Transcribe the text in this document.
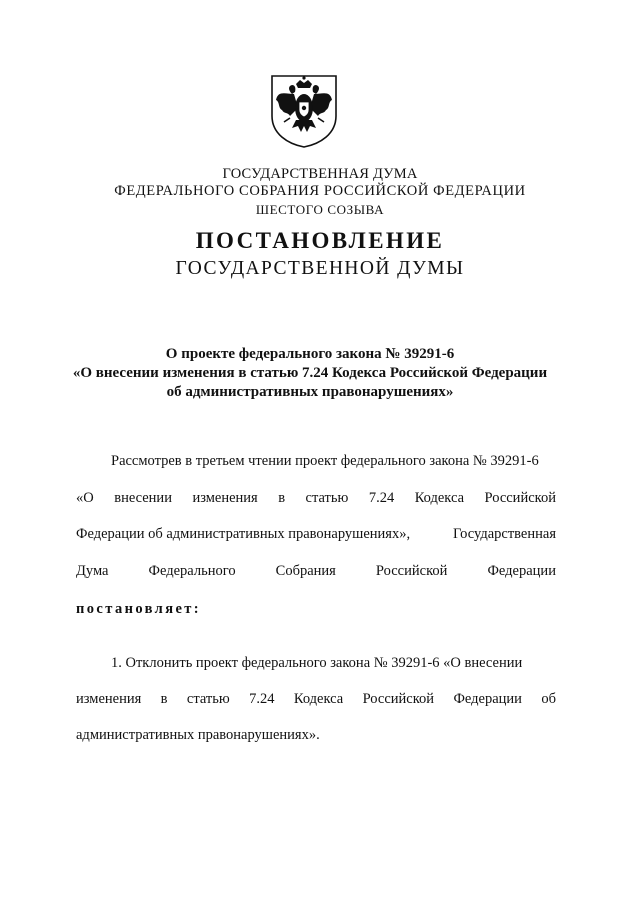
ГОСУДАРСТВЕННАЯ ДУМА
ФЕДЕРАЛЬНОГО СОБРАНИЯ РОССИЙСКОЙ ФЕДЕРАЦИИ
ШЕСТОГО СОЗЫВА
ПОСТАНОВЛЕНИЕ
ГОСУДАРСТВЕННОЙ ДУМЫ
О проекте федерального закона № 39291-6
«О внесении изменения в статью 7.24 Кодекса Российской Федерации
об административных правонарушениях»
Рассмотрев в третьем чтении проект федерального закона № 39291-6
«О внесении изменения в статью 7.24 Кодекса Российской
Федерации об административных правонарушениях»,	Государственная
Дума	Федерального	Собрания	Российской	Федерации
постановляет:
1. Отклонить проект федерального закона № 39291-6 «О внесении
изменения в статью 7.24 Кодекса Российской Федерации об
административных правонарушениях».
